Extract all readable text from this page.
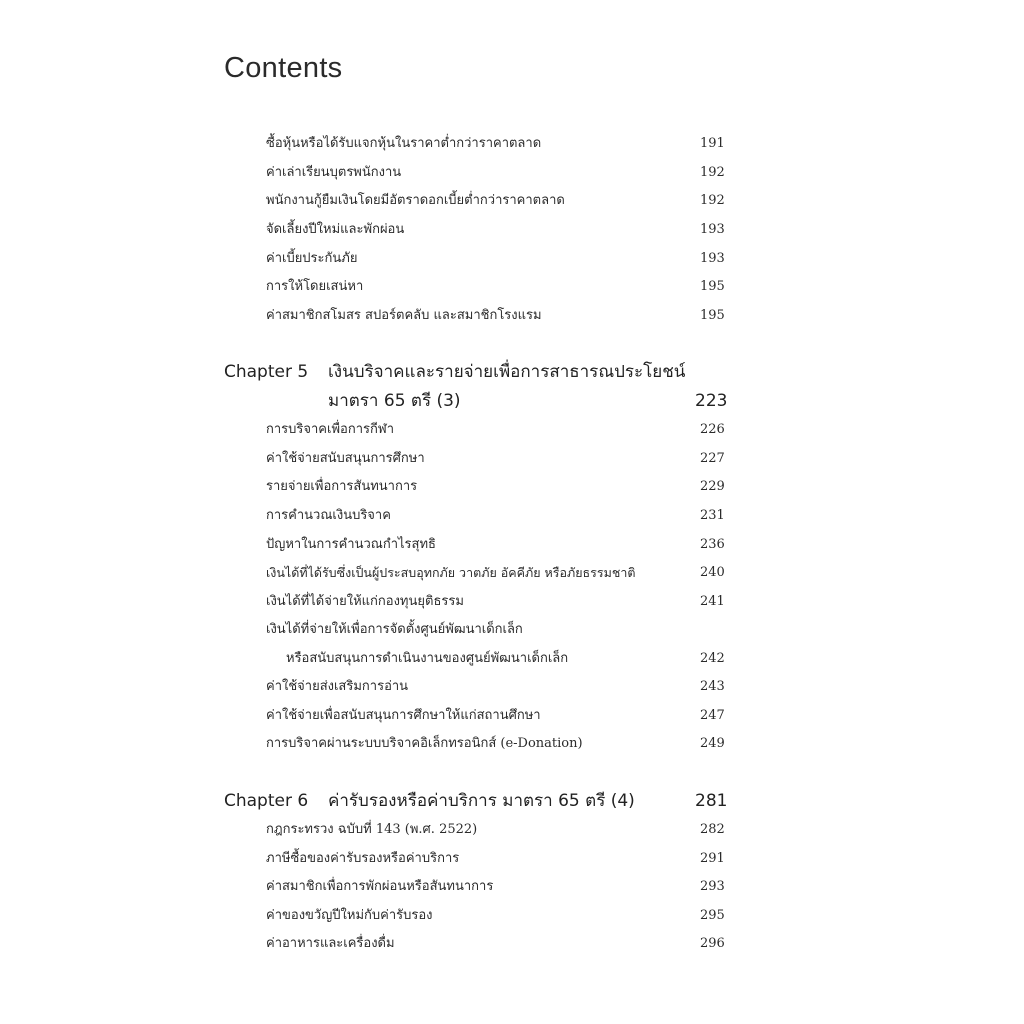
Contents
ซื้อหุ้นหรือได้รับแจกหุ้นในราคาต่ำกว่าราคาตลาด	191
ค่าเล่าเรียนบุตรพนักงาน	192
พนักงานกู้ยืมเงินโดยมีอัตราดอกเบี้ยต่ำกว่าราคาตลาด	192
จัดเลี้ยงปีใหม่และพักผ่อน	193
ค่าเบี้ยประกันภัย	193
การให้โดยเสน่หา	195
ค่าสมาชิกสโมสร สปอร์ตคลับ และสมาชิกโรงแรม	195
Chapter 5 เงินบริจาคและรายจ่ายเพื่อการสาธารณประโยชน์
มาตรา 65 ตรี (3)	223
การบริจาคเพื่อการกีฬา	226
ค่าใช้จ่ายสนับสนุนการศึกษา	227
รายจ่ายเพื่อการสันทนาการ	229
การคำนวณเงินบริจาค	231
ปัญหาในการคำนวณกำไรสุทธิ	236
เงินได้ที่ได้รับซึ่งเป็นผู้ประสบอุทกภัย วาตภัย อัคคีภัย หรือภัยธรรมชาติ	240
เงินได้ที่ได้จ่ายให้แก่กองทุนยุติธรรม	241
เงินได้ที่จ่ายให้เพื่อการจัดตั้งศูนย์พัฒนาเด็กเล็ก
หรือสนับสนุนการดำเนินงานของศูนย์พัฒนาเด็กเล็ก	242
ค่าใช้จ่ายส่งเสริมการอ่าน	243
ค่าใช้จ่ายเพื่อสนับสนุนการศึกษาให้แก่สถานศึกษา	247
การบริจาคผ่านระบบบริจาคอิเล็กทรอนิกส์ (e-Donation)	249
Chapter 6 ค่ารับรองหรือค่าบริการ มาตรา 65 ตรี (4)	281
กฎกระทรวง ฉบับที่ 143 (พ.ศ. 2522)	282
ภาษีซื้อของค่ารับรองหรือค่าบริการ	291
ค่าสมาชิกเพื่อการพักผ่อนหรือสันทนาการ	293
ค่าของขวัญปีใหม่กับค่ารับรอง	295
ค่าอาหารและเครื่องดื่ม	296
